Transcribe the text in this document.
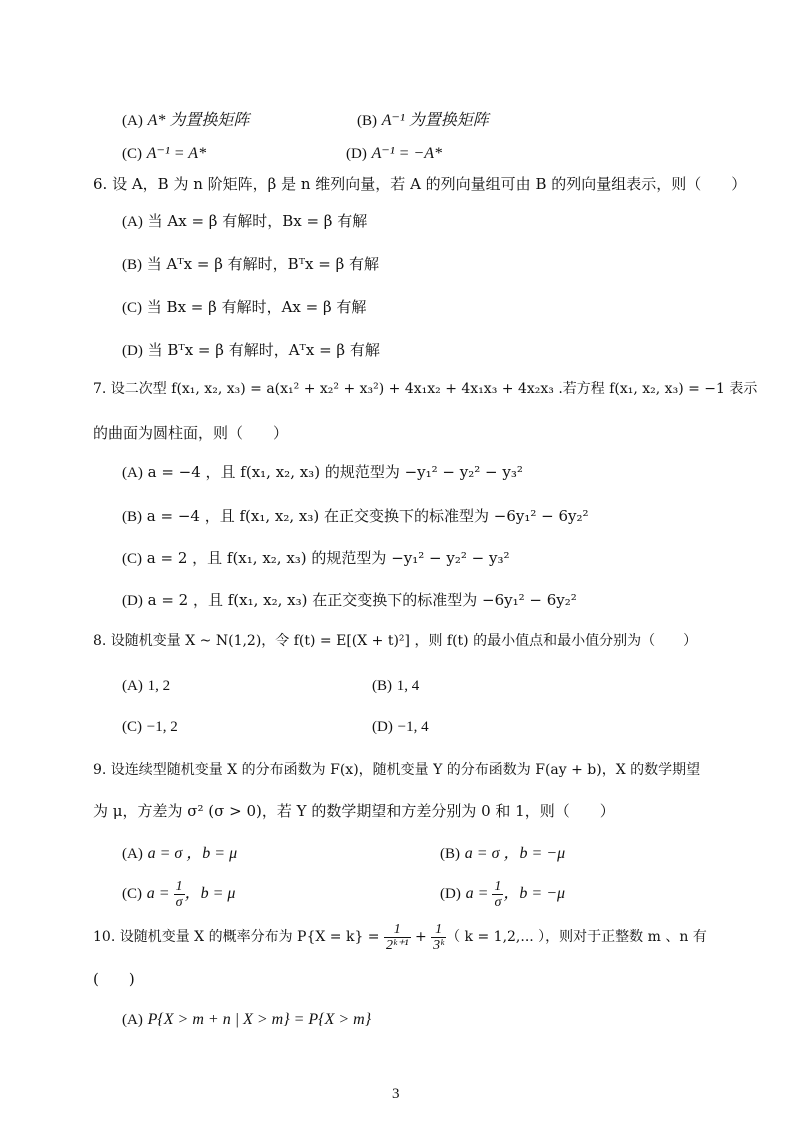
(A) A* 为置换矩阵	(B) A⁻¹ 为置换矩阵
(C) A⁻¹ = A*	(D) A⁻¹ = −A*
6. 设 A，B 为 n 阶矩阵，β 是 n 维列向量，若 A 的列向量组可由 B 的列向量组表示，则（　　）
(A) 当 Ax = β 有解时，Bx = β 有解
(B) 当 Aᵀx = β 有解时，Bᵀx = β 有解
(C) 当 Bx = β 有解时，Ax = β 有解
(D) 当 Bᵀx = β 有解时，Aᵀx = β 有解
7. 设二次型 f(x₁, x₂, x₃) = a(x₁² + x₂² + x₃²) + 4x₁x₂ + 4x₁x₃ + 4x₂x₃ .若方程 f(x₁, x₂, x₃) = −1 表示
的曲面为圆柱面，则（　　）
(A) a = −4 ，且 f(x₁, x₂, x₃) 的规范型为 −y₁² − y₂² − y₃²
(B) a = −4 ，且 f(x₁, x₂, x₃) 在正交变换下的标准型为 −6y₁² − 6y₂²
(C) a = 2 ，且 f(x₁, x₂, x₃) 的规范型为 −y₁² − y₂² − y₃²
(D) a = 2 ，且 f(x₁, x₂, x₃) 在正交变换下的标准型为 −6y₁² − 6y₂²
8. 设随机变量 X ~ N(1,2)，令 f(t) = E[(X + t)²] ，则 f(t) 的最小值点和最小值分别为（　　）
(A) 1, 2	(B) 1, 4
(C) −1, 2	(D) −1, 4
9. 设连续型随机变量 X 的分布函数为 F(x)，随机变量 Y 的分布函数为 F(ay + b)，X 的数学期望
为 μ，方差为 σ² (σ > 0)，若 Y 的数学期望和方差分别为 0 和 1，则（　　）
(A) a = σ ，b = μ	(B) a = σ ，b = −μ
(C) $a = \frac{1}{\sigma}$ ，b = μ	(D) $a = \frac{1}{\sigma}$ ，b = −μ
10. 设随机变量 X 的概率分布为 $P\{X = k\} = \frac{1}{\text{2ᵏ⁺¹}} + \frac{1}{\text{3ᵏ}}$ （ k = 1,2,... ），则对于正整数 m 、n 有
(　　)
(A) P{X > m + n | X > m} = P{X > m}
3
